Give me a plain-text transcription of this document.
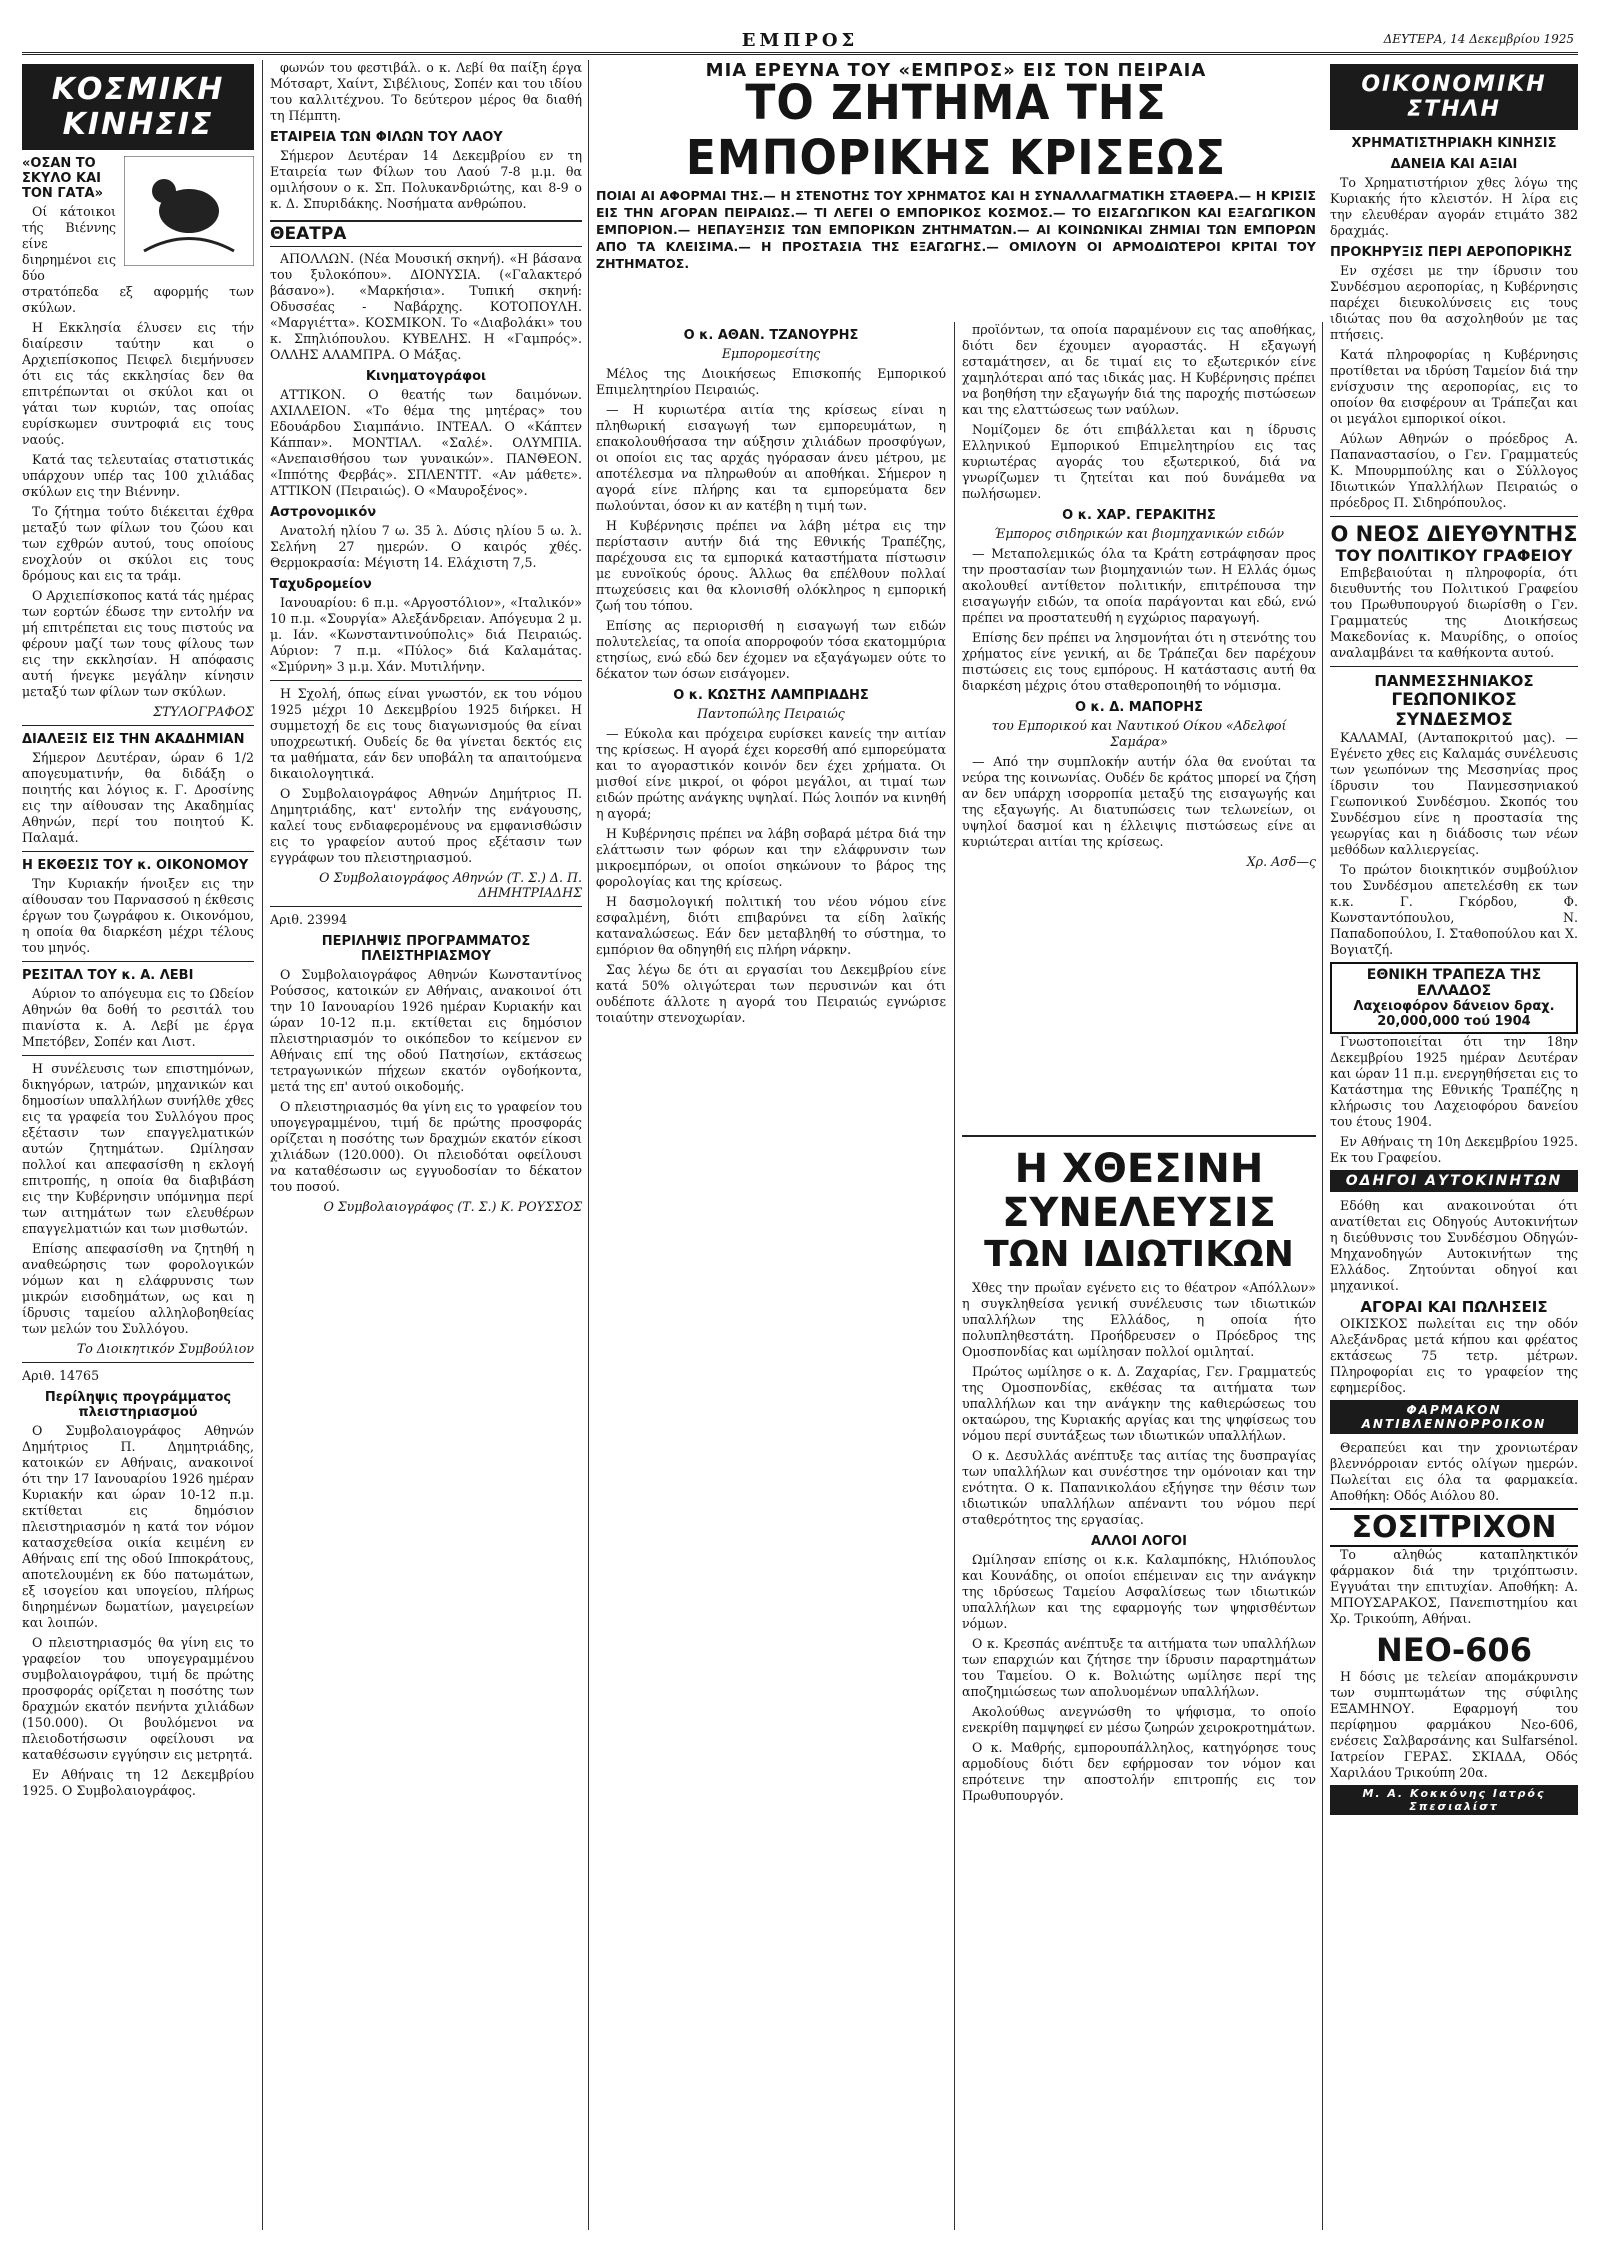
ΕΜΠΡΟΣ	ΔΕΥΤΕΡΑ, 14 Δεκεμβρίου 1925
ΚΟΣΜΙΚΗ ΚΙΝΗΣΙΣ
«ΟΣΑΝ ΤΟ ΣΚΥΛΟ ΚΑΙ ΤΟΝ ΓΑΤΑ»

Οί κάτοικοι τής Βιέννης είνε διηρημένοι εις δύο στρατόπεδα εξ αφορμής των σκύλων.

Η Εκκλησία έλυσεν εις τήν διαίρεσιν ταύτην και ο Αρχιεπίσκοπος Πειφελ διεμήνυσεν ότι εις τάς εκκλησίας δεν θα επιτρέπωνται οι σκύλοι και οι γάται των κυριών, τας οποίας ευρίσκωμεν συντροφιά εις τους ναούς.

Κατά τας τελευταίας στατιστικάς υπάρχουν υπέρ τας 100 χιλιάδας σκύλων εις την Βιέννην.

Το ζήτημα τούτο διέκειται έχθρα μεταξύ των φίλων του ζώου και των εχθρών αυτού, τους οποίους ενοχλούν οι σκύλοι εις τους δρόμους και εις τα τράμ.

Ο Αρχιεπίσκοπος κατά τάς ημέρας των εορτών έδωσε την εντολήν να μή επιτρέπεται εις τους πιστούς να φέρουν μαζί των τους φίλους των εις την εκκλησίαν. Η απόφασις αυτή ήνεγκε μεγάλην κίνησιν μεταξύ των φίλων των σκύλων.

ΣΤΥΛΟΓΡΑΦΟΣ
ΔΙΑΛΕΞΙΣ ΕΙΣ ΤΗΝ ΑΚΑΔΗΜΙΑΝ

Σήμερον Δευτέραν, ώραν 6 1/2 απογευματινήν, θα διδάξη ο ποιητής και λόγιος κ. Γ. Δροσίνης εις την αίθουσαν της Ακαδημίας Αθηνών, περί του ποιητού Κ. Παλαμά.

Η ΕΚΘΕΣΙΣ ΤΟΥ κ. ΟΙΚΟΝΟΜΟΥ

Την Κυριακήν ήνοιξεν εις την αίθουσαν του Παρνασσού η έκθεσις έργων του ζωγράφου κ. Οικονόμου, η οποία θα διαρκέση μέχρι τέλους του μηνός.

ΡΕΣΙΤΑΛ ΤΟΥ κ. Α. ΛΕΒΙ

Αύριον το απόγευμα εις το Ωδείον Αθηνών θα δοθή το ρεσιτάλ του πιανίστα κ. Α. Λεβί με έργα Μπετόβεν, Σοπέν και Λιστ.

Η συνέλευσις των επιστημόνων, δικηγόρων, ιατρών, μηχανικών και δημοσίων υπαλλήλων συνήλθε χθες εις τα γραφεία του Συλλόγου προς εξέτασιν των επαγγελματικών αυτών ζητημάτων. Ωμίλησαν πολλοί και απεφασίσθη η εκλογή επιτροπής, η οποία θα διαβιβάση εις την Κυβέρνησιν υπόμνημα περί των αιτημάτων των ελευθέρων επαγγελματιών και των μισθωτών.

Επίσης απεφασίσθη να ζητηθή η αναθεώρησις των φορολογικών νόμων και η ελάφρυνσις των μικρών εισοδημάτων, ως και η ίδρυσις ταμείου αλληλοβοηθείας των μελών του Συλλόγου.

Το Διοικητικόν Συμβούλιον
Αριθ. 14765
Περίληψις προγράμματος πλειστηριασμού

Ο Συμβολαιογράφος Αθηνών Δημήτριος Π. Δημητριάδης, κατοικών εν Αθήναις, ανακοινοί ότι την 17 Ιανουαρίου 1926 ημέραν Κυριακήν και ώραν 10-12 π.μ. εκτίθεται εις δημόσιον πλειστηριασμόν η κατά τον νόμον κατασχεθείσα οικία κειμένη εν Αθήναις επί της οδού Ιπποκράτους, αποτελουμένη εκ δύο πατωμάτων, εξ ισογείου και υπογείου, πλήρως διηρημένων δωματίων, μαγειρείων και λοιπών.

Ο πλειστηριασμός θα γίνη εις το γραφείον του υπογεγραμμένου συμβολαιογράφου, τιμή δε πρώτης προσφοράς ορίζεται η ποσότης των δραχμών εκατόν πενήντα χιλιάδων (150.000). Οι βουλόμενοι να πλειοδοτήσωσιν οφείλουσι να καταθέσωσιν εγγύησιν εις μετρητά.

Εν Αθήναις τη 12 Δεκεμβρίου 1925. Ο Συμβολαιογράφος.

φωνών του φεστιβάλ. ο κ. Λεβί θα παίξη έργα Μότσαρτ, Χαίντ, Σιβέλιους, Σοπέν και του ιδίου του καλλιτέχνου. Το δεύτερον μέρος θα διαθή τη Πέμπτη.

ΕΤΑΙΡΕΙΑ ΤΩΝ ΦΙΛΩΝ ΤΟΥ ΛΑΟΥ

Σήμερον Δευτέραν 14 Δεκεμβρίου εν τη Εταιρεία των Φίλων του Λαού 7-8 μ.μ. θα ομιλήσουν ο κ. Σπ. Πολυκανδριώτης, και 8-9 ο κ. Δ. Σπυριδάκης. Νοσήματα ανθρώπου.

ΘΕΑΤΡΑ

ΑΠΟΛΛΩΝ. (Νέα Μουσική σκηνή). «Η βάσανα του ξυλοκόπου». ΔΙΟΝΥΣΙΑ. («Γαλακτερό βάσανο»). «Μαρκήσια». Τυπική σκηνή: Οδυσσέας - Ναβάρχης. ΚΟΤΟΠΟΥΛΗ. «Μαργιέττα». ΚΟΣΜΙΚΟΝ. Το «Διαβολάκι» του κ. Σπηλιόπουλου. ΚΥΒΕΛΗΣ. Η «Γαμπρός». ΟΛΛΗΣ ΑΛΑΜΠΡΑ. Ο Μάξας.

Κινηματογράφοι

ΑΤΤΙΚΟΝ. Ο θεατής των δαιμόνων. ΑΧΙΛΛΕΙΟΝ. «Το θέμα της μητέρας» του Εδουάρδου Σιαμπάνιο. ΙΝΤΕΑΛ. Ο «Κάπτεν Κάππαν». ΜΟΝΤΙΑΛ. «Σαλέ». ΟΛΥΜΠΙΑ. «Ανεπαισθήσου των γυναικών». ΠΑΝΘΕΟΝ. «Ιππότης Φερβάς». ΣΠΛΕΝΤΙΤ. «Αν μάθετε». ΑΤΤΙΚΟΝ (Πειραιώς). Ο «Μαυροξένος».

Αστρονομικόν

Ανατολή ηλίου 7 ω. 35 λ. Δύσις ηλίου 5 ω. λ. Σελήνη 27 ημερών. Ο καιρός χθές. Θερμοκρασία: Μέγιστη 14. Ελάχιστη 7,5.

Ταχυδρομείον

Ιανουαρίου: 6 π.μ. «Αργοστόλιον», «Ιταλικόν» 10 π.μ. «Σουργία» Αλεξάνδρειαν. Απόγευμα 2 μ. μ. Ιάν. «Κωνσταντινούπολις» διά Πειραιώς. Αύριον: 7 π.μ. «Πύλος» διά Καλαμάτας. «Σμύρνη» 3 μ.μ. Χάν. Μυτιλήνην.

Η Σχολή, όπως είναι γνωστόν, εκ του νόμου 1925 μέχρι 10 Δεκεμβρίου 1925 διήρκει. Η συμμετοχή δε εις τους διαγωνισμούς θα είναι υποχρεωτική. Ουδείς δε θα γίνεται δεκτός εις τα μαθήματα, εάν δεν υποβάλη τα απαιτούμενα δικαιολογητικά.

Ο Συμβολαιογράφος Αθηνών Δημήτριος Π. Δημητριάδης, κατ' εντολήν της ενάγουσης, καλεί τους ενδιαφερομένους να εμφανισθώσιν εις το γραφείον αυτού προς εξέτασιν των εγγράφων του πλειστηριασμού.

Ο Συμβολαιογράφος Αθηνών (Τ. Σ.) Δ. Π. ΔΗΜΗΤΡΙΑΔΗΣ
Αριθ. 23994
ΠΕΡΙΛΗΨΙΣ ΠΡΟΓΡΑΜΜΑΤΟΣ ΠΛΕΙΣΤΗΡΙΑΣΜΟΥ

Ο Συμβολαιογράφος Αθηνών Κωνσταντίνος Ρούσσος, κατοικών εν Αθήναις, ανακοινοί ότι την 10 Ιανουαρίου 1926 ημέραν Κυριακήν και ώραν 10-12 π.μ. εκτίθεται εις δημόσιον πλειστηριασμόν το οικόπεδον το κείμενον εν Αθήναις επί της οδού Πατησίων, εκτάσεως τετραγωνικών πήχεων εκατόν ογδοήκοντα, μετά της επ' αυτού οικοδομής.

Ο πλειστηριασμός θα γίνη εις το γραφείον του υπογεγραμμένου, τιμή δε πρώτης προσφοράς ορίζεται η ποσότης των δραχμών εκατόν είκοσι χιλιάδων (120.000). Οι πλειοδόται οφείλουσι να καταθέσωσιν ως εγγυοδοσίαν το δέκατον του ποσού.

Ο Συμβολαιογράφος (Τ. Σ.) Κ. ΡΟΥΣΣΟΣ
ΜΙΑ ΕΡΕΥΝΑ ΤΟΥ «ΕΜΠΡΟΣ» ΕΙΣ ΤΟΝ ΠΕΙΡΑΙΑ
ΤΟ ΖΗΤΗΜΑ ΤΗΣ ΕΜΠΟΡΙΚΗΣ ΚΡΙΣΕΩΣ
ΠΟΙΑΙ ΑΙ ΑΦΟΡΜΑΙ ΤΗΣ.— Η ΣΤΕΝΟΤΗΣ ΤΟΥ ΧΡΗΜΑΤΟΣ ΚΑΙ Η ΣΥΝΑΛΛΑΓΜΑΤΙΚΗ ΣΤΑΘΕΡΑ.— Η ΚΡΙΣΙΣ ΕΙΣ ΤΗΝ ΑΓΟΡΑΝ ΠΕΙΡΑΙΩΣ.— ΤΙ ΛΕΓΕΙ Ο ΕΜΠΟΡΙΚΟΣ ΚΟΣΜΟΣ.— ΤΟ ΕΙΣΑΓΩΓΙΚΟΝ ΚΑΙ ΕΞΑΓΩΓΙΚΟΝ ΕΜΠΟΡΙΟΝ.— ΗΕΠΑΥΞΗΣΙΣ ΤΩΝ ΕΜΠΟΡΙΚΩΝ ΖΗΤΗΜΑΤΩΝ.— ΑΙ ΚΟΙΝΩΝΙΚΑΙ ΖΗΜΙΑΙ ΤΩΝ ΕΜΠΟΡΩΝ ΑΠΟ ΤΑ ΚΛΕΙΣΙΜΑ.— Η ΠΡΟΣΤΑΣΙΑ ΤΗΣ ΕΞΑΓΩΓΗΣ.— ΟΜΙΛΟΥΝ ΟΙ ΑΡΜΟΔΙΩΤΕΡΟΙ ΚΡΙΤΑΙ ΤΟΥ ΖΗΤΗΜΑΤΟΣ.
Ο κ. ΑΘΑΝ. ΤΖΑΝΟΥΡΗΣ
Εμπορομεσίτης

Μέλος της Διοικήσεως Επισκοπής Εμπορικού Επιμελητηρίου Πειραιώς.

— Η κυριωτέρα αιτία της κρίσεως είναι η πληθωρική εισαγωγή των εμπορευμάτων, η επακολουθήσασα την αύξησιν χιλιάδων προσφύγων, οι οποίοι εις τας αρχάς ηγόρασαν άνευ μέτρου, με αποτέλεσμα να πληρωθούν αι αποθήκαι. Σήμερον η αγορά είνε πλήρης και τα εμπορεύματα δεν πωλούνται, όσον κι αν κατέβη η τιμή των.

Η Κυβέρνησις πρέπει να λάβη μέτρα εις την περίστασιν αυτήν διά της Εθνικής Τραπέζης, παρέχουσα εις τα εμπορικά καταστήματα πίστωσιν με ευνοϊκούς όρους. Άλλως θα επέλθουν πολλαί πτωχεύσεις και θα κλονισθή ολόκληρος η εμπορική ζωή του τόπου.

Επίσης ας περιορισθή η εισαγωγή των ειδών πολυτελείας, τα οποία απορροφούν τόσα εκατομμύρια ετησίως, ενώ εδώ δεν έχομεν να εξαγάγωμεν ούτε το δέκατον των όσων εισάγομεν.

Ο κ. ΚΩΣΤΗΣ ΛΑΜΠΡΙΑΔΗΣ
Παντοπώλης Πειραιώς

— Εύκολα και πρόχειρα ευρίσκει κανείς την αιτίαν της κρίσεως. Η αγορά έχει κορεσθή από εμπορεύματα και το αγοραστικόν κοινόν δεν έχει χρήματα. Οι μισθοί είνε μικροί, οι φόροι μεγάλοι, αι τιμαί των ειδών πρώτης ανάγκης υψηλαί. Πώς λοιπόν να κινηθή η αγορά;

Η Κυβέρνησις πρέπει να λάβη σοβαρά μέτρα διά την ελάττωσιν των φόρων και την ελάφρυνσιν των μικροεμπόρων, οι οποίοι σηκώνουν το βάρος της φορολογίας και της κρίσεως.

Η δασμολογική πολιτική του νέου νόμου είνε εσφαλμένη, διότι επιβαρύνει τα είδη λαϊκής καταναλώσεως. Εάν δεν μεταβληθή το σύστημα, το εμπόριον θα οδηγηθή εις πλήρη νάρκην.

Σας λέγω δε ότι αι εργασίαι του Δεκεμβρίου είνε κατά 50% ολιγώτεραι των περυσινών και ότι ουδέποτε άλλοτε η αγορά του Πειραιώς εγνώρισε τοιαύτην στενοχωρίαν.

προϊόντων, τα οποία παραμένουν εις τας αποθήκας, διότι δεν έχουμεν αγοραστάς. Η εξαγωγή εσταμάτησεν, αι δε τιμαί εις το εξωτερικόν είνε χαμηλότεραι από τας ιδικάς μας. Η Κυβέρνησις πρέπει να βοηθήση την εξαγωγήν διά της παροχής πιστώσεων και της ελαττώσεως των ναύλων.

Νομίζομεν δε ότι επιβάλλεται και η ίδρυσις Ελληνικού Εμπορικού Επιμελητηρίου εις τας κυριωτέρας αγοράς του εξωτερικού, διά να γνωρίζωμεν τι ζητείται και πού δυνάμεθα να πωλήσωμεν.

Ο κ. ΧΑΡ. ΓΕΡΑΚΙΤΗΣ
Έμπορος σιδηρικών και βιομηχανικών ειδών

— Μεταπολεμικώς όλα τα Κράτη εστράφησαν προς την προστασίαν των βιομηχανιών των. Η Ελλάς όμως ακολουθεί αντίθετον πολιτικήν, επιτρέπουσα την εισαγωγήν ειδών, τα οποία παράγονται και εδώ, ενώ πρέπει να προστατευθή η εγχώριος παραγωγή.

Επίσης δεν πρέπει να λησμονήται ότι η στενότης του χρήματος είνε γενική, αι δε Τράπεζαι δεν παρέχουν πιστώσεις εις τους εμπόρους. Η κατάστασις αυτή θα διαρκέση μέχρις ότου σταθεροποιηθή το νόμισμα.

Ο κ. Δ. ΜΑΠΟΡΗΣ
του Εμπορικού και Ναυτικού Οίκου «Αδελφοί Σαμάρα»

— Από την συμπλοκήν αυτήν όλα θα ενούται τα νεύρα της κοινωνίας. Ουδέν δε κράτος μπορεί να ζήση αν δεν υπάρχη ισορροπία μεταξύ της εισαγωγής και της εξαγωγής. Αι διατυπώσεις των τελωνείων, οι υψηλοί δασμοί και η έλλειψις πιστώσεως είνε αι κυριώτεραι αιτίαι της κρίσεως.

Χρ. Ασδ—ς
Η ΧΘΕΣΙΝΗ ΣΥΝΕΛΕΥΣΙΣ
ΤΩΝ ΙΔΙΩΤΙΚΩΝ

Χθες την πρωΐαν εγένετο εις το θέατρον «Απόλλων» η συγκληθείσα γενική συνέλευσις των ιδιωτικών υπαλλήλων της Ελλάδος, η οποία ήτο πολυπληθεστάτη. Προήδρευσεν ο Πρόεδρος της Ομοσπονδίας και ωμίλησαν πολλοί ομιληταί.

Πρώτος ωμίλησε ο κ. Δ. Ζαχαρίας, Γεν. Γραμματεύς της Ομοσπονδίας, εκθέσας τα αιτήματα των υπαλλήλων και την ανάγκην της καθιερώσεως του οκταώρου, της Κυριακής αργίας και της ψηφίσεως του νόμου περί συντάξεως των ιδιωτικών υπαλλήλων.

Ο κ. Δεσυλλάς ανέπτυξε τας αιτίας της δυσπραγίας των υπαλλήλων και συνέστησε την ομόνοιαν και την ενότητα. Ο κ. Παπανικολάου εξήγησε την θέσιν των ιδιωτικών υπαλλήλων απέναντι του νόμου περί σταθερότητος της εργασίας.

ΑΛΛΟΙ ΛΟΓΟΙ

Ωμίλησαν επίσης οι κ.κ. Καλαμπόκης, Ηλιόπουλος και Κουνάδης, οι οποίοι επέμειναν εις την ανάγκην της ιδρύσεως Ταμείου Ασφαλίσεως των ιδιωτικών υπαλλήλων και της εφαρμογής των ψηφισθέντων νόμων.

Ο κ. Κρεσπάς ανέπτυξε τα αιτήματα των υπαλλήλων των επαρχιών και ζήτησε την ίδρυσιν παραρτημάτων του Ταμείου. Ο κ. Βολιώτης ωμίλησε περί της αποζημιώσεως των απολυομένων υπαλλήλων.

Ακολούθως ανεγνώσθη το ψήφισμα, το οποίο ενεκρίθη παμψηφεί εν μέσω ζωηρών χειροκροτημάτων.

Ο κ. Μαθρής, εμπορουπάλληλος, κατηγόρησε τους αρμοδίους διότι δεν εφήρμοσαν τον νόμον και επρότεινε την αποστολήν επιτροπής εις τον Πρωθυπουργόν.

ΟΙΚΟΝΟΜΙΚΗ ΣΤΗΛΗ
ΧΡΗΜΑΤΙΣΤΗΡΙΑΚΗ ΚΙΝΗΣΙΣ
ΔΑΝΕΙΑ ΚΑΙ ΑΞΙΑΙ

Το Χρηματιστήριον χθες λόγω της Κυριακής ήτο κλειστόν. Η λίρα εις την ελευθέραν αγοράν ετιμάτο 382 δραχμάς.

ΠΡΟΚΗΡΥΞΙΣ ΠΕΡΙ ΑΕΡΟΠΟΡΙΚΗΣ

Εν σχέσει με την ίδρυσιν του Συνδέσμου αεροπορίας, η Κυβέρνησις παρέχει διευκολύνσεις εις τους ιδιώτας που θα ασχοληθούν με τας πτήσεις.

Κατά πληροφορίας η Κυβέρνησις προτίθεται να ιδρύση Ταμείον διά την ενίσχυσιν της αεροπορίας, εις το οποίον θα εισφέρουν αι Τράπεζαι και οι μεγάλοι εμπορικοί οίκοι.

Αύλων Αθηνών ο πρόεδρος Α. Παπαναστασίου, ο Γεν. Γραμματεύς Κ. Μπουρμπούλης και ο Σύλλογος Ιδιωτικών Υπαλλήλων Πειραιώς ο πρόεδρος Π. Σιδηρόπουλος.

Ο ΝΕΟΣ ΔΙΕΥΘΥΝΤΗΣ
ΤΟΥ ΠΟΛΙΤΙΚΟΥ ΓΡΑΦΕΙΟΥ

Επιβεβαιούται η πληροφορία, ότι διευθυντής του Πολιτικού Γραφείου του Πρωθυπουργού διωρίσθη ο Γεν. Γραμματεύς της Διοικήσεως Μακεδονίας κ. Μαυρίδης, ο οποίος αναλαμβάνει τα καθήκοντα αυτού.

ΠΑΝΜΕΣΣΗΝΙΑΚΟΣ
ΓΕΩΠΟΝΙΚΟΣ ΣΥΝΔΕΣΜΟΣ

ΚΑΛΑΜΑΙ, (Ανταποκριτού μας). — Εγένετο χθες εις Καλαμάς συνέλευσις των γεωπόνων της Μεσσηνίας προς ίδρυσιν του Πανμεσσηνιακού Γεωπονικού Συνδέσμου. Σκοπός του Συνδέσμου είνε η προστασία της γεωργίας και η διάδοσις των νέων μεθόδων καλλιεργείας.

Το πρώτον διοικητικόν συμβούλιον του Συνδέσμου απετελέσθη εκ των κ.κ. Γ. Γκόρδου, Φ. Κωνσταντόπουλου, Ν. Παπαδοπούλου, Ι. Σταθοπούλου και Χ. Βογιατζή.

ΕΘΝΙΚΗ ΤΡΑΠΕΖΑ ΤΗΣ ΕΛΛΑΔΟΣ
Λαχειοφόρον δάνειον δραχ. 20,000,000 τού 1904

Γνωστοποιείται ότι την 18ην Δεκεμβρίου 1925 ημέραν Δευτέραν και ώραν 11 π.μ. ενεργηθήσεται εις το Κατάστημα της Εθνικής Τραπέζης η κλήρωσις του Λαχειοφόρου δανείου του έτους 1904.

Εν Αθήναις τη 10η Δεκεμβρίου 1925. Εκ του Γραφείου.

ΟΔΗΓΟΙ ΑΥΤΟΚΙΝΗΤΩΝ

Εδόθη και ανακοινούται ότι ανατίθεται εις Οδηγούς Αυτοκινήτων η διεύθυνσις του Συνδέσμου Οδηγών-Μηχανοδηγών Αυτοκινήτων της Ελλάδος. Ζητούνται οδηγοί και μηχανικοί.

ΑΓΟΡΑΙ ΚΑΙ ΠΩΛΗΣΕΙΣ

ΟΙΚΙΣΚΟΣ πωλείται εις την οδόν Αλεξάνδρας μετά κήπου και φρέατος εκτάσεως 75 τετρ. μέτρων. Πληροφορίαι εις το γραφείον της εφημερίδος.

ΦΑΡΜΑΚΟΝ ΑΝΤΙΒΛΕΝΝΟΡΡΟΙΚΟΝ

Θεραπεύει και την χρονιωτέραν βλεννόρροιαν εντός ολίγων ημερών. Πωλείται εις όλα τα φαρμακεία. Αποθήκη: Οδός Αιόλου 80.

ΣΟΣΙΤΡΙΧΟΝ

Το αληθώς καταπληκτικόν φάρμακον διά την τριχόπτωσιν. Εγγυάται την επιτυχίαν. Αποθήκη: Α. ΜΠΟΥΣΑΡΑΚΟΣ, Πανεπιστημίου και Χρ. Τρικούπη, Αθήναι.

ΝΕΟ-606

Η δόσις με τελείαν απομάκρυνσιν των συμπτωμάτων της σύφιλης ΕΞΑΜΗΝΟΥ. Εφαρμογή του περίφημου φαρμάκου Νεο-606, ενέσεις Σαλβαρσάνης και Sulfarsénol. Ιατρείον ΓΕΡΑΣ. ΣΚΙΑΔΑ, Οδός Χαριλάου Τρικούπη 20α.

Μ. Α. Κοκκόνης Ιατρός Σπεσιαλίστ
